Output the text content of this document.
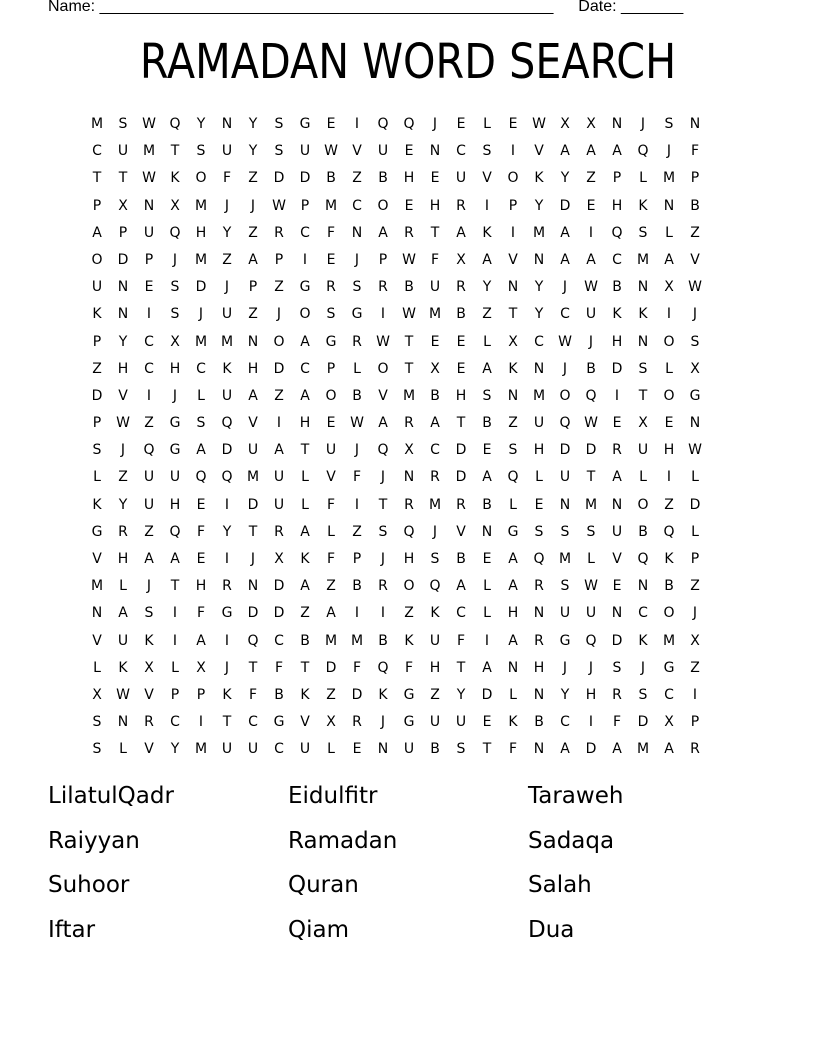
Name: ___________________________________________________ Date: _______
RAMADAN WORD SEARCH
M	S	W Q	Y	N	Y	S	G	E	I	Q	Q	J	E	L	E	W	X	X	N	J	S	N
C	U	M	T	S	U	Y	S	U W	V	U	E	N	C	S	I	V	A	A	A	Q	J	F
T	T	W	K	O	F	Z	D	D	B	Z	B	H	E	U	V	O	K	Y	Z	P	L	M	P
P	X	N	X	M	J	J	W	P	M	C	O	E	H	R	I	P	Y	D	E	H	K	N	B
A	P	U	Q	H	Y	Z	R	C	F	N	A	R	T	A	K	I	M	A	I	Q	S	L	Z
O	D	P	J	M	Z	A	P	I	E	J	P	W	F	X	A	V	N	A	A	C	M	A	V
U	N	E	S	D	J	P	Z	G	R	S	R	B	U	R	Y	N	Y	J	W	B	N	X	W
K	N	I	S	J	U	Z	J	O	S	G	I	W M	B	Z	T	Y	C	U	K	K	I	J
P	Y	C	X	M M	N	O	A	G	R	W	T	E	E	L	X	C	W	J	H	N	O	S
Z	H	C	H	C	K	H	D	C	P	L	O	T	X	E	A	K	N	J	B	D	S	L	X
D	V	I	J	L	U	A	Z	A	O	B	V	M	B	H	S	N	M	O	Q	I	T	O	G
P	W	Z	G	S	Q	V	I	H	E	W	A	R	A	T	B	Z	U	Q W	E	X	E	N
S	J	Q	G	A	D	U	A	T	U	J	Q	X	C	D	E	S	H	D	D	R	U	H W
L	Z	U	U	Q	Q	M	U	L	V	F	J	N	R	D	A	Q	L	U	T	A	L	I	L
K	Y	U	H	E	I	D	U	L	F	I	T	R	M	R	B	L	E	N	M	N	O	Z	D
G	R	Z	Q	F	Y	T	R	A	L	Z	S	Q	J	V	N	G	S	S	S	U	B	Q	L
V	H	A	A	E	I	J	X	K	F	P	J	H	S	B	E	A	Q	M	L	V	Q	K	P
M	L	J	T	H	R	N	D	A	Z	B	R	O	Q	A	L	A	R	S	W	E	N	B	Z
N	A	S	I	F	G	D	D	Z	A	I	I	Z	K	C	L	H	N	U	U	N	C	O	J
V	U	K	I	A	I	Q	C	B	M M	B	K	U	F	I	A	R	G	Q	D	K	M	X
L	K	X	L	X	J	T	F	T	D	F	Q	F	H	T	A	N	H	J	J	S	J	G	Z
X	W	V	P	P	K	F	B	K	Z	D	K	G	Z	Y	D	L	N	Y	H	R	S	C	I
S	N	R	C	I	T	C	G	V	X	R	J	G	U	U	E	K	B	C	I	F	D	X	P
S	L	V	Y	M	U	U	C	U	L	E	N	U	B	S	T	F	N	A	D	A	M	A	R
LilatulQadr	Eidulfitr	Taraweh
Raiyyan	Ramadan	Sadaqa
Suhoor	Quran	Salah
Iftar	Qiam	Dua
